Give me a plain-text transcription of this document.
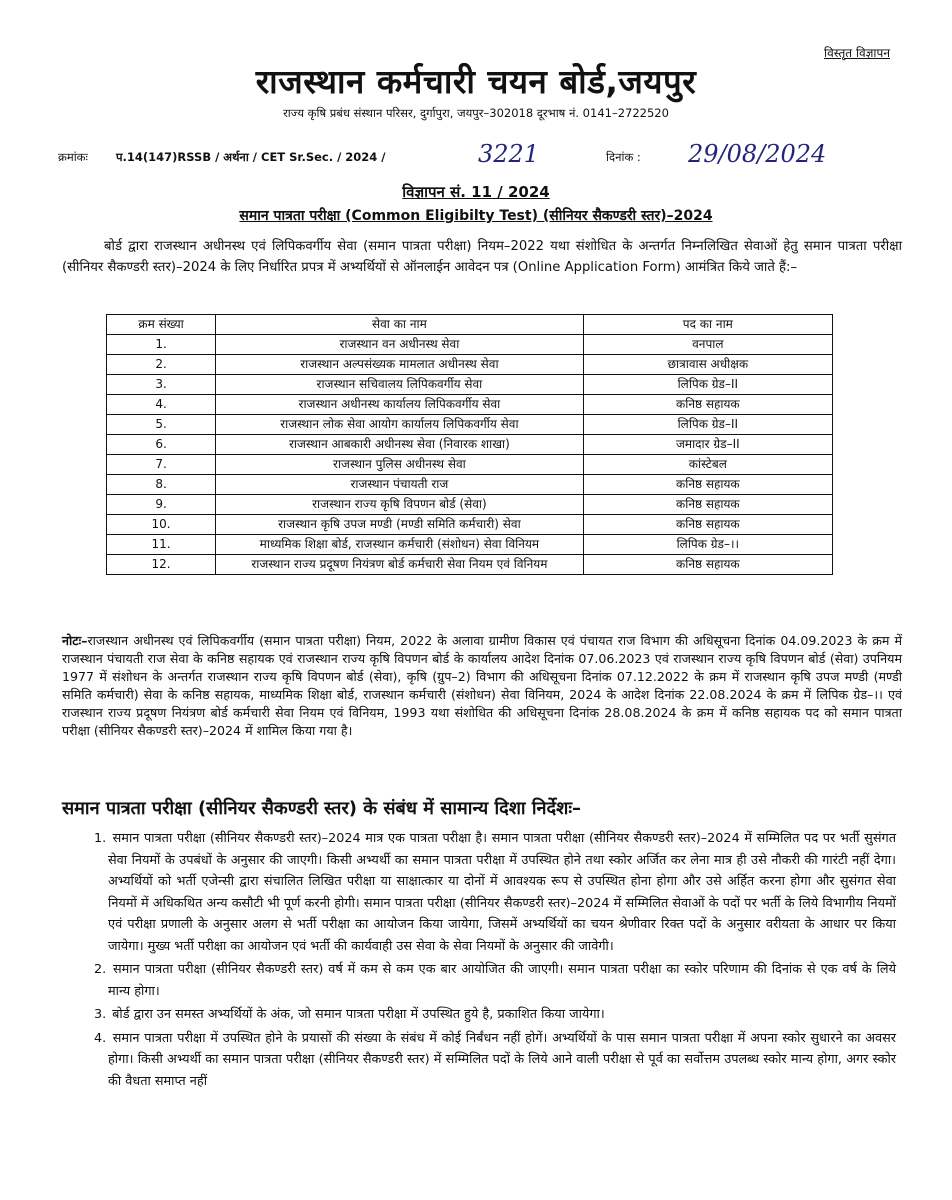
विस्तृत विज्ञापन
राजस्थान कर्मचारी चयन बोर्ड,जयपुर
राज्य कृषि प्रबंध संस्थान परिसर, दुर्गापुरा, जयपुर–302018 दूरभाष नं. 0141–2722520
क्रमांकः प.14(147)RSSB / अर्थना / CET Sr.Sec. / 2024 /	3221	दिनांक : 29/08/2024
विज्ञापन सं. 11 / 2024
समान पात्रता परीक्षा (Common Eligibilty Test) (सीनियर सैकण्डरी स्तर)–2024
बोर्ड द्वारा राजस्थान अधीनस्थ एवं लिपिकवर्गीय सेवा (समान पात्रता परीक्षा) नियम–2022 यथा संशोधित के अन्तर्गत निम्नलिखित सेवाओं हेतु समान पात्रता परीक्षा (सीनियर सैकण्डरी स्तर)–2024 के लिए निर्धारित प्रपत्र में अभ्यर्थियों से ऑनलाईन आवेदन पत्र (Online Application Form) आमंत्रित किये जाते हैं:–
क्रम संख्या	सेवा का नाम	पद का नाम
1.	राजस्थान वन अधीनस्थ सेवा	वनपाल
2.	राजस्थान अल्पसंख्यक मामलात अधीनस्थ सेवा	छात्रावास अधीक्षक
3.	राजस्थान सचिवालय लिपिकवर्गीय सेवा	लिपिक ग्रेड–II
4.	राजस्थान अधीनस्थ कार्यालय लिपिकवर्गीय सेवा	कनिष्ठ सहायक
5.	राजस्थान लोक सेवा आयोग कार्यालय लिपिकवर्गीय सेवा	लिपिक ग्रेड–II
6.	राजस्थान आबकारी अधीनस्थ सेवा (निवारक शाखा)	जमादार ग्रेड–II
7.	राजस्थान पुलिस अधीनस्थ सेवा	कांस्टेबल
8.	राजस्थान पंचायती राज	कनिष्ठ सहायक
9.	राजस्थान राज्य कृषि विपणन बोर्ड (सेवा)	कनिष्ठ सहायक
10.	राजस्थान कृषि उपज मण्डी (मण्डी समिति कर्मचारी) सेवा	कनिष्ठ सहायक
11.	माध्यमिक शिक्षा बोर्ड, राजस्थान कर्मचारी (संशोधन) सेवा विनियम	लिपिक ग्रेड–।।
12.	राजस्थान राज्य प्रदूषण नियंत्रण बोर्ड कर्मचारी सेवा नियम एवं विनियम	कनिष्ठ सहायक
नोटः–राजस्थान अधीनस्थ एवं लिपिकवर्गीय (समान पात्रता परीक्षा) नियम, 2022 के अलावा ग्रामीण विकास एवं पंचायत राज विभाग की अधिसूचना दिनांक 04.09.2023 के क्रम में राजस्थान पंचायती राज सेवा के कनिष्ठ सहायक एवं राजस्थान राज्य कृषि विपणन बोर्ड के कार्यालय आदेश दिनांक 07.06.2023 एवं राजस्थान राज्य कृषि विपणन बोर्ड (सेवा) उपनियम 1977 में संशोधन के अन्तर्गत राजस्थान राज्य कृषि विपणन बोर्ड (सेवा), कृषि (ग्रुप–2) विभाग की अधिसूचना दिनांक 07.12.2022 के क्रम में राजस्थान कृषि उपज मण्डी (मण्डी समिति कर्मचारी) सेवा के कनिष्ठ सहायक, माध्यमिक शिक्षा बोर्ड, राजस्थान कर्मचारी (संशोधन) सेवा विनियम, 2024 के आदेश दिनांक 22.08.2024 के क्रम में लिपिक ग्रेड–।। एवं राजस्थान राज्य प्रदूषण नियंत्रण बोर्ड कर्मचारी सेवा नियम एवं विनियम, 1993 यथा संशोधित की अधिसूचना दिनांक 28.08.2024 के क्रम में कनिष्ठ सहायक पद को समान पात्रता परीक्षा (सीनियर सैकण्डरी स्तर)–2024 में शामिल किया गया है।
समान पात्रता परीक्षा (सीनियर सैकण्डरी स्तर) के संबंध में सामान्य दिशा निर्देशः–
1. समान पात्रता परीक्षा (सीनियर सैकण्डरी स्तर)–2024 मात्र एक पात्रता परीक्षा है। समान पात्रता परीक्षा (सीनियर सैकण्डरी स्तर)–2024 में सम्मिलित पद पर भर्ती सुसंगत सेवा नियमों के उपबंधों के अनुसार की जाएगी। किसी अभ्यर्थी का समान पात्रता परीक्षा में उपस्थित होने तथा स्कोर अर्जित कर लेना मात्र ही उसे नौकरी की गारंटी नहीं देगा। अभ्यर्थियों को भर्ती एजेन्सी द्वारा संचालित लिखित परीक्षा या साक्षात्कार या दोनों में आवश्यक रूप से उपस्थित होना होगा और उसे अर्हित करना होगा और सुसंगत सेवा नियमों में अधिकथित अन्य कसौटी भी पूर्ण करनी होगी। समान पात्रता परीक्षा (सीनियर सैकण्डरी स्तर)–2024 में सम्मिलित सेवाओं के पदों पर भर्ती के लिये विभागीय नियमों एवं परीक्षा प्रणाली के अनुसार अलग से भर्ती परीक्षा का आयोजन किया जायेगा, जिसमें अभ्यर्थियों का चयन श्रेणीवार रिक्त पदों के अनुसार वरीयता के आधार पर किया जायेगा। मुख्य भर्ती परीक्षा का आयोजन एवं भर्ती की कार्यवाही उस सेवा के सेवा नियमों के अनुसार की जावेगी।
2. समान पात्रता परीक्षा (सीनियर सैकण्डरी स्तर) वर्ष में कम से कम एक बार आयोजित की जाएगी। समान पात्रता परीक्षा का स्कोर परिणाम की दिनांक से एक वर्ष के लिये मान्य होगा।
3. बोर्ड द्वारा उन समस्त अभ्यर्थियों के अंक, जो समान पात्रता परीक्षा में उपस्थित हुये है, प्रकाशित किया जायेगा।
4. समान पात्रता परीक्षा में उपस्थित होने के प्रयासों की संख्या के संबंध में कोई निर्बंधन नहीं होगें। अभ्यर्थियों के पास समान पात्रता परीक्षा में अपना स्कोर सुधारने का अवसर होगा। किसी अभ्यर्थी का समान पात्रता परीक्षा (सीनियर सैकण्डरी स्तर) में सम्मिलित पदों के लिये आने वाली परीक्षा से पूर्व का सर्वोत्तम उपलब्ध स्कोर मान्य होगा, अगर स्कोर की वैधता समाप्त नहीं
